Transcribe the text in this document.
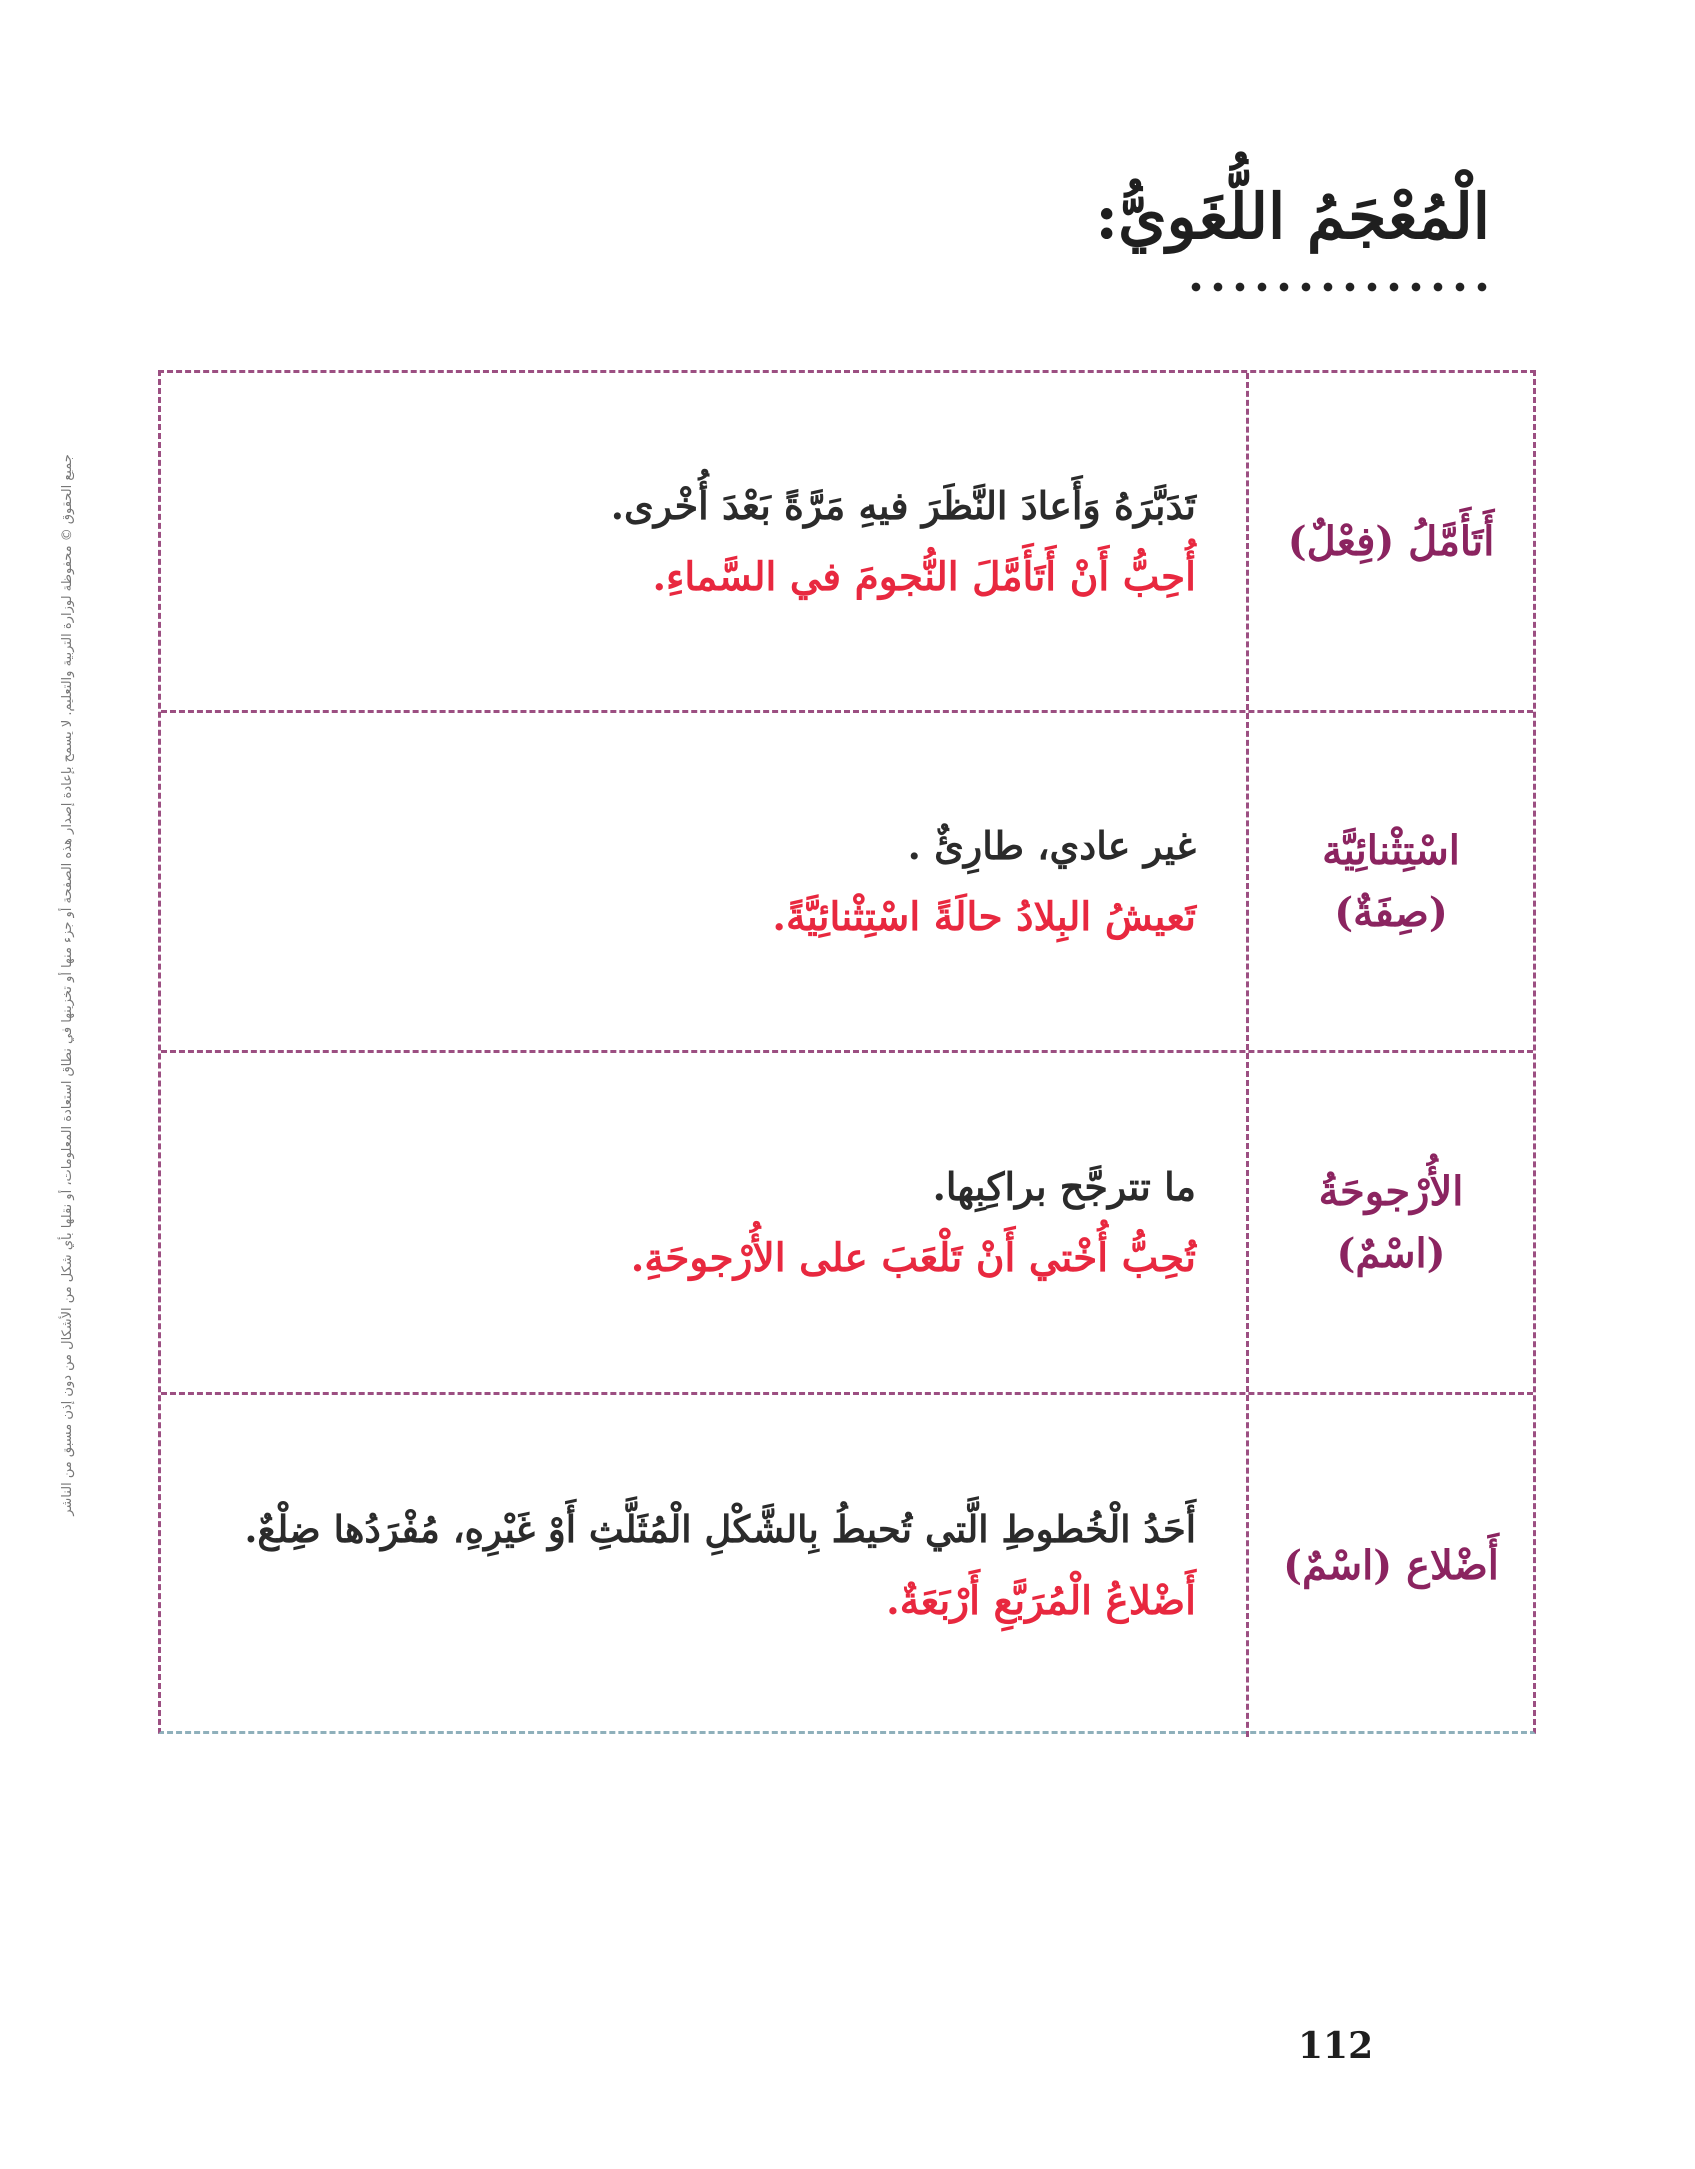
الْمُعْجَمُ اللُّغَويُّ:
جميع الحقوق © محفوظة لوزارة التربية والتعليم. لا يسمح بإعادة إصدار هذه الصفحة أو جزء منها أو تخزينها في نطاق استعادة المعلومات، أو نقلها بأي شكل من الأشكال من دون إذن مسبق من الناشر	أَتَأَمَّلُ (فِعْلٌ)
تَدَبَّرَهُ وَأَعادَ النَّظَرَ فيهِ مَرَّةً بَعْدَ أُخْرى.
أُحِبُّ أَنْ أَتَأَمَّلَ النُّجومَ في السَّماءِ.
اسْتِثْنائِيَّة (صِفَةٌ)
غير عادي، طارِئٌ .
تَعيشُ البِلادُ حالَةً اسْتِثْنائِيَّةً.
الأُرْجوحَةُ (اسْمٌ)
ما تترجَّح براكِبِها.
تُحِبُّ أُخْتي أَنْ تَلْعَبَ على الأُرْجوحَةِ.
أَضْلاع (اسْمٌ)
أَحَدُ الْخُطوطِ الَّتي تُحيطُ بِالشَّكْلِ الْمُثَلَّثِ أَوْ غَيْرِهِ، مُفْرَدُها ضِلْعٌ.
أَضْلاعُ الْمُرَبَّعِ أَرْبَعَةٌ.
112
